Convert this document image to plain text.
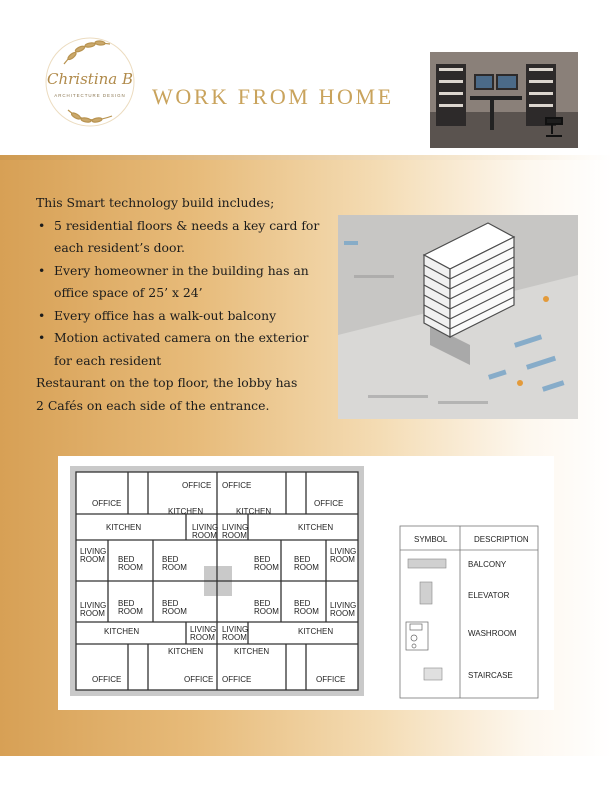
Christina B
ARCHITECTURE DESIGN WORK FROM HOME
This Smart technology build includes;
• 5 residential floors & needs a key card for each resident’s door.
• Every homeowner in the building has an office space of 25’ x 24’
• Every office has a walk-out balcony
• Motion activated camera on the exterior for each resident
Restaurant on the top floor, the lobby has
2 Cafés on each side of the entrance.
OFFICE
OFFICE OFFICE
OFFICE
KITCHEN	KITCHEN
KITCHEN	KITCHEN
LIVING
ROOM
LIVING
ROOM
LIVING
ROOM
LIVING
ROOM
BED
ROOM
BED
ROOM
BED
ROOM
BED
ROOM
LIVING
ROOM
LIVING
ROOM
BED
ROOM
BED
ROOM
BED
ROOM
BED
ROOM
KITCHEN	KITCHEN
LIVING
ROOM
LIVING
ROOM
KITCHEN	KITCHEN
OFFICE	OFFICE OFFICE	OFFICE
SYMBOL	DESCRIPTION
BALCONY
ELEVATOR
WASHROOM
STAIRCASE
